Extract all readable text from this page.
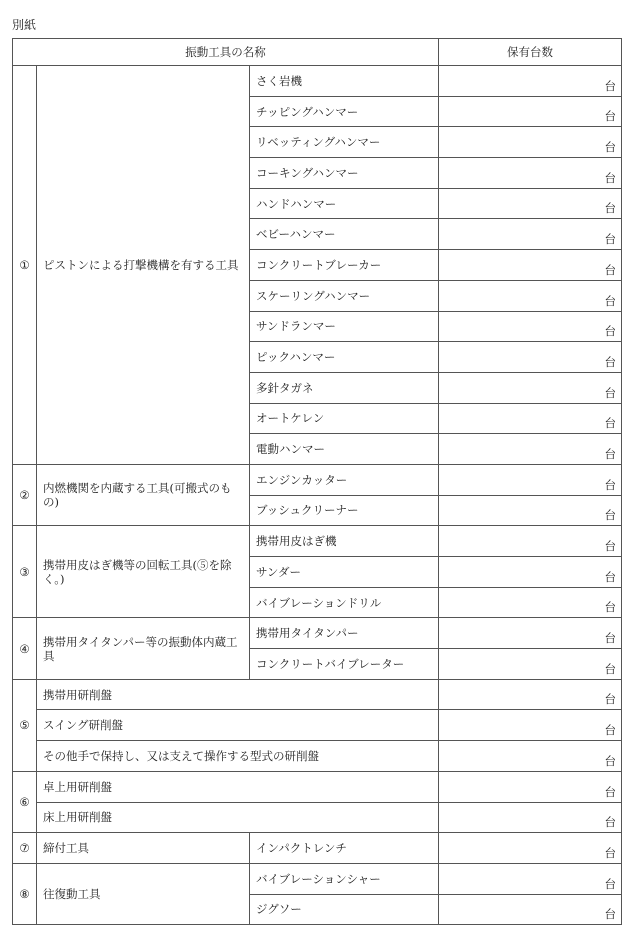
別紙
振動工具の名称			保有台数
①	ピストンによる打撃機構を有する工具	さく岩機	台
		チッピングハンマー	台
		リベッティングハンマー	台
		コーキングハンマー	台
		ハンドハンマー	台
		ベビーハンマー	台
		コンクリートブレーカー	台
		スケーリングハンマー	台
		サンドランマー	台
		ピックハンマー	台
		多針タガネ	台
		オートケレン	台
		電動ハンマー	台
②	内燃機関を内蔵する工具(可搬式のもの)	エンジンカッター	台
		ブッシュクリーナー	台
③	携帯用皮はぎ機等の回転工具(⑤を除く。)	携帯用皮はぎ機	台
		サンダー	台
		バイブレーションドリル	台
④	携帯用タイタンパー等の振動体内蔵工具	携帯用タイタンパー	台
		コンクリートバイブレーター	台
⑤	携帯用研削盤		台
	スイング研削盤		台
	その他手で保持し、又は支えて操作する型式の研削盤		台
⑥	卓上用研削盤		台
	床上用研削盤		台
⑦	締付工具	インパクトレンチ	台
⑧	往復動工具	バイブレーションシャー	台
		ジグソー	台
